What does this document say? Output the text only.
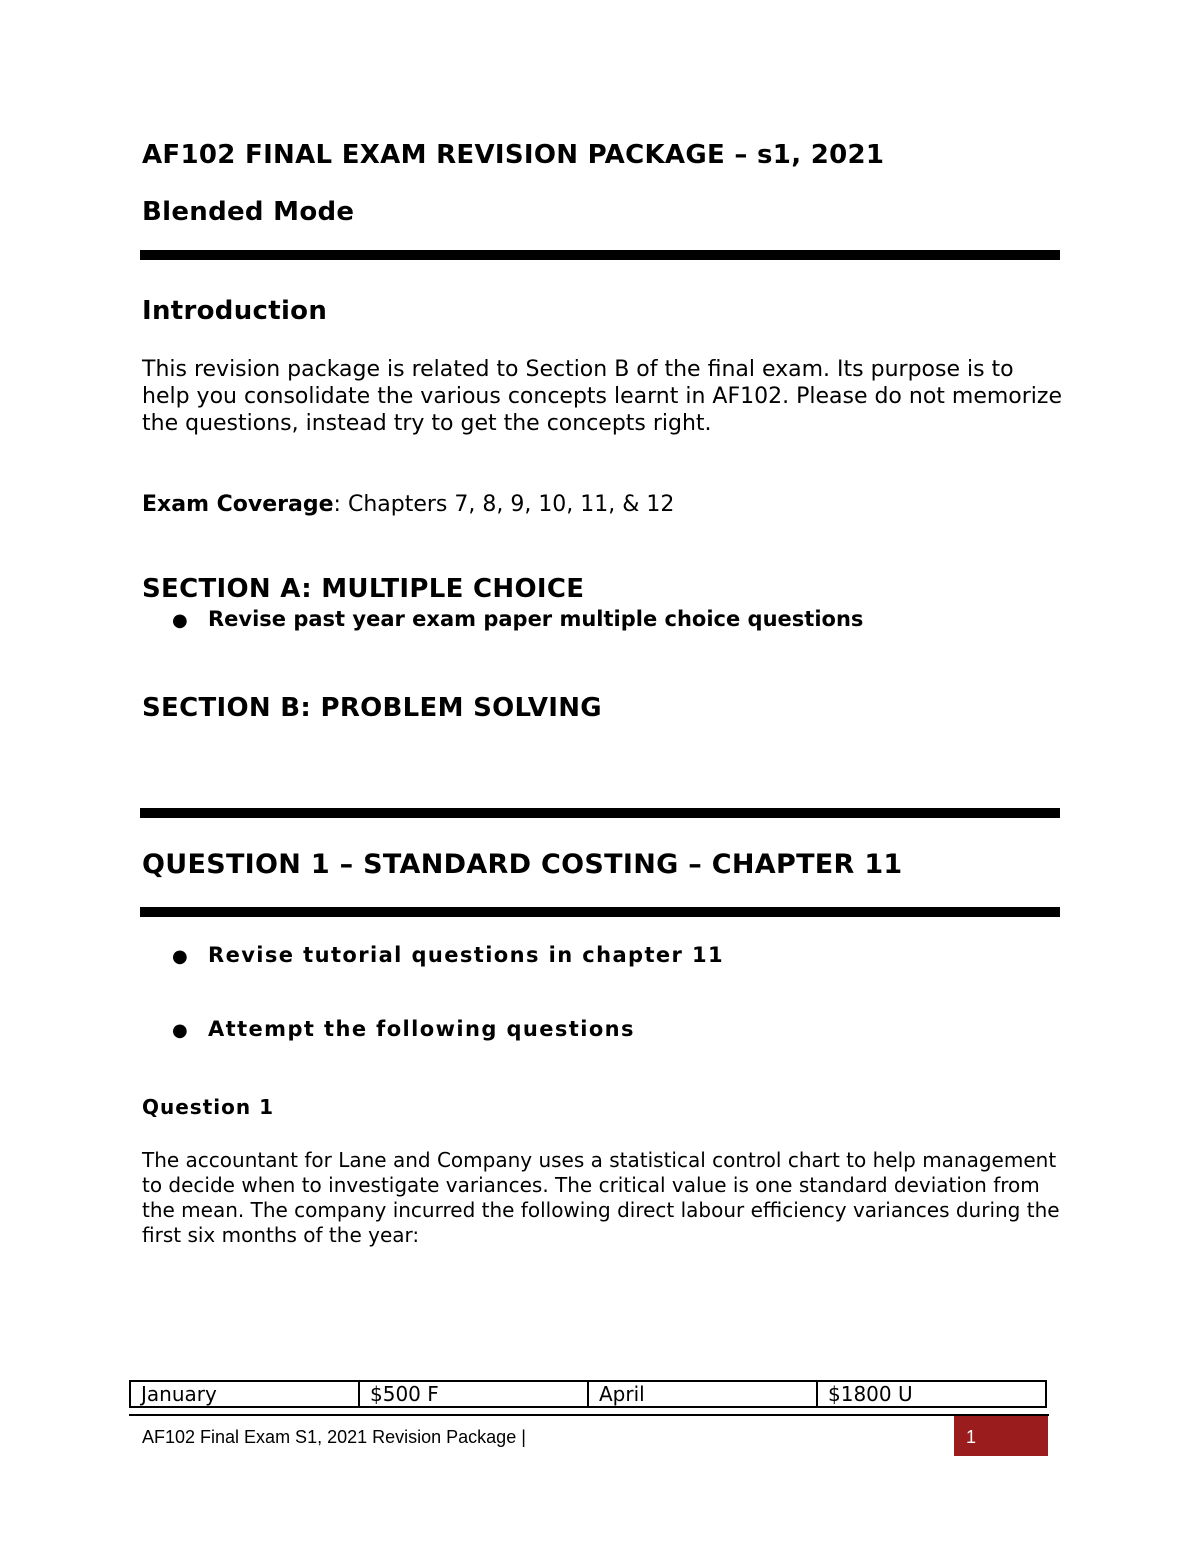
AF102 FINAL EXAM REVISION PACKAGE – s1, 2021
Blended Mode
Introduction
This revision package is related to Section B of the final exam. Its purpose is to help you consolidate the various concepts learnt in AF102. Please do not memorize the questions, instead try to get the concepts right.
Exam Coverage: Chapters 7, 8, 9, 10, 11, & 12
SECTION A: MULTIPLE CHOICE
● Revise past year exam paper multiple choice questions
SECTION B: PROBLEM SOLVING
QUESTION 1 – STANDARD COSTING – CHAPTER 11
● Revise tutorial questions in chapter 11
● Attempt the following questions
Question 1
The accountant for Lane and Company uses a statistical control chart to help management to decide when to investigate variances. The critical value is one standard deviation from the mean. The company incurred the following direct labour efficiency variances during the first six months of the year:
January	$500 F	April	$1800 U
AF102 Final Exam S1, 2021 Revision Package |	1
